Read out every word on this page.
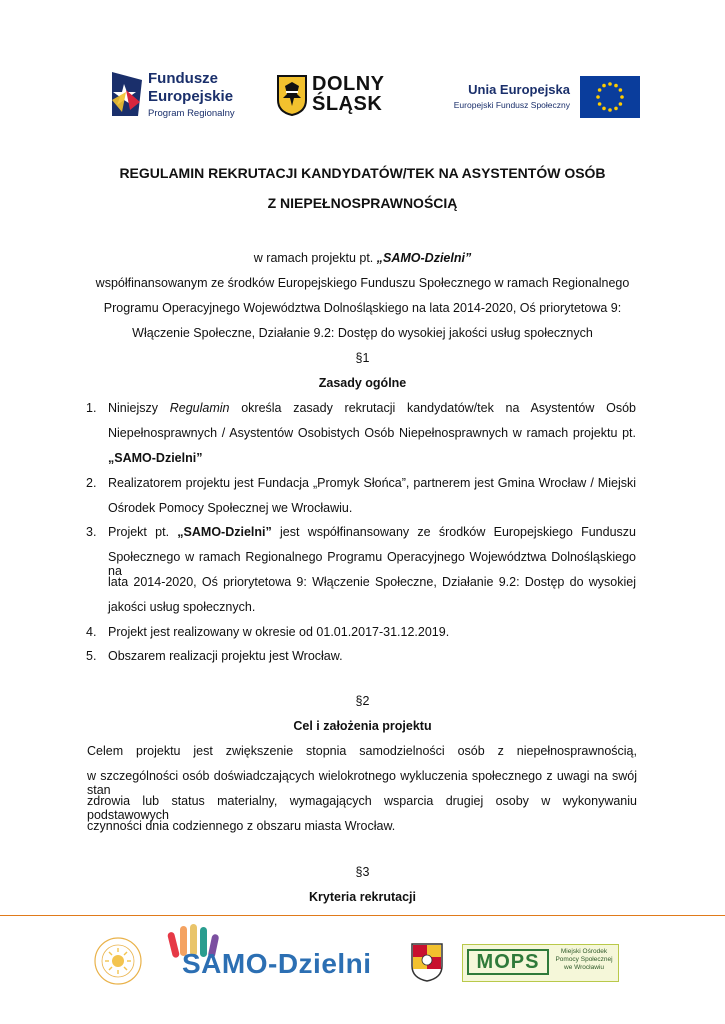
Fundusze
Europejskie
Program Regionalny
DOLNY
ŚLĄSK
Unia Europejska
Europejski Fundusz Społeczny
REGULAMIN REKRUTACJI KANDYDATÓW/TEK NA ASYSTENTÓW OSÓB
Z NIEPEŁNOSPRAWNOŚCIĄ
w ramach projektu pt. „SAMO-Dzielni”
współfinansowanym ze środków Europejskiego Funduszu Społecznego w ramach Regionalnego
Programu Operacyjnego Województwa Dolnośląskiego na lata 2014-2020, Oś priorytetowa 9:
Włączenie Społeczne, Działanie 9.2: Dostęp do wysokiej jakości usług społecznych
§1
Zasady ogólne
1. Niniejszy Regulamin określa zasady rekrutacji kandydatów/tek na Asystentów Osób
Niepełnosprawnych / Asystentów Osobistych Osób Niepełnosprawnych w ramach projektu pt.
„SAMO-Dzielni”
2. Realizatorem projektu jest Fundacja „Promyk Słońca”, partnerem jest Gmina Wrocław / Miejski
Ośrodek Pomocy Społecznej we Wrocławiu.
3. Projekt pt. „SAMO-Dzielni” jest współfinansowany ze środków Europejskiego Funduszu
Społecznego w ramach Regionalnego Programu Operacyjnego Województwa Dolnośląskiego na
lata 2014-2020, Oś priorytetowa 9: Włączenie Społeczne, Działanie 9.2: Dostęp do wysokiej
jakości usług społecznych.
4. Projekt jest realizowany w okresie od 01.01.2017-31.12.2019.
5. Obszarem realizacji projektu jest Wrocław.
§2
Cel i założenia projektu
Celem projektu jest zwiększenie stopnia samodzielności osób z niepełnosprawnością,
w szczególności osób doświadczających wielokrotnego wykluczenia społecznego z uwagi na swój stan
zdrowia lub status materialny, wymagających wsparcia drugiej osoby w wykonywaniu podstawowych
czynności dnia codziennego z obszaru miasta Wrocław.
§3
Kryteria rekrutacji
SAMO-Dzielni	MOPS	Miejski Ośrodek Pomocy Społecznej we Wrocławiu
